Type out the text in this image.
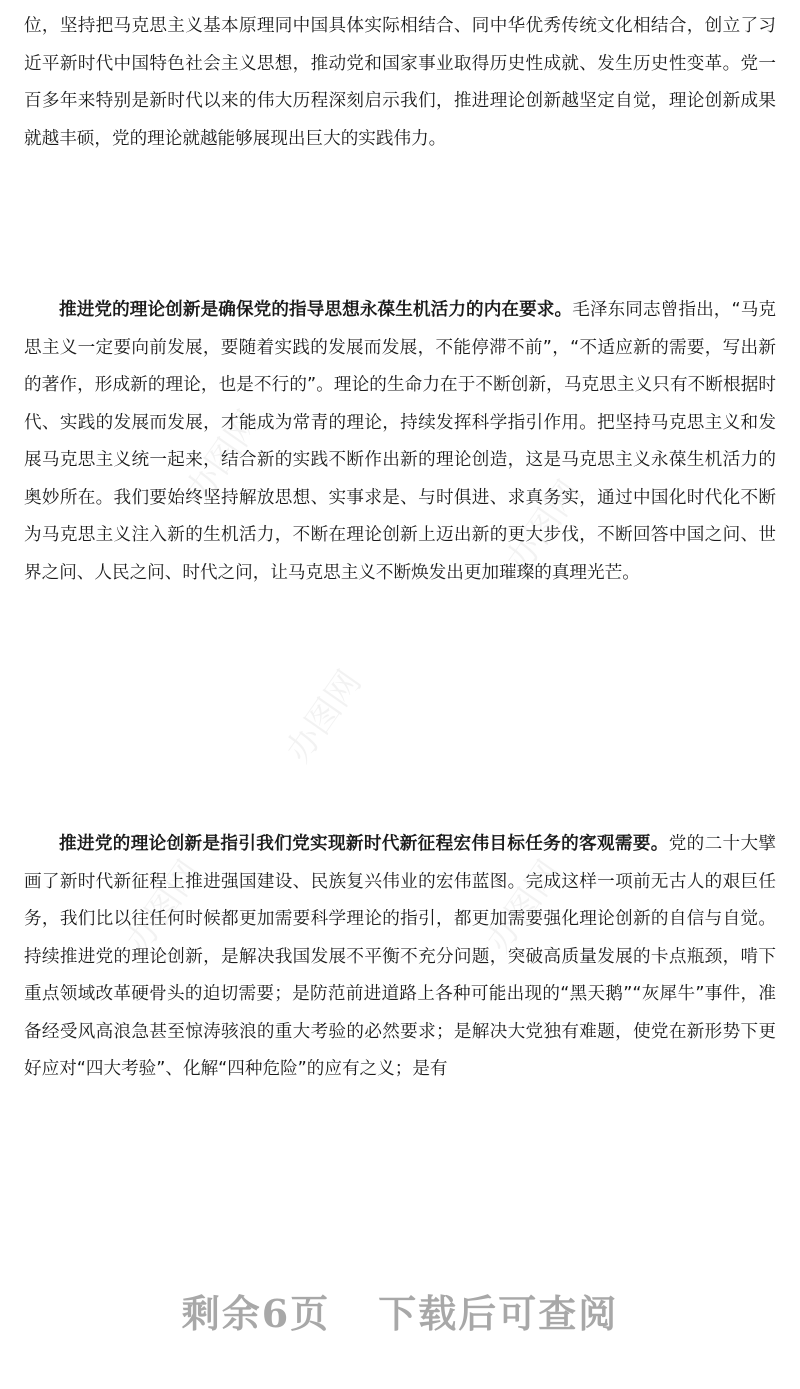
办图网
办图网
办图网
办图网	办图网

位，坚持把马克思主义基本原理同中国具体实际相结合、同中华优秀传统文化相结合，创立了习近平新时代中国特色社会主义思想，推动党和国家事业取得历史性成就、发生历史性变革。党一百多年来特别是新时代以来的伟大历程深刻启示我们，推进理论创新越坚定自觉，理论创新成果就越丰硕，党的理论就越能够展现出巨大的实践伟力。

推进党的理论创新是确保党的指导思想永葆生机活力的内在要求。毛泽东同志曾指出，“马克思主义一定要向前发展，要随着实践的发展而发展，不能停滞不前”，“不适应新的需要，写出新的著作，形成新的理论，也是不行的”。理论的生命力在于不断创新，马克思主义只有不断根据时代、实践的发展而发展，才能成为常青的理论，持续发挥科学指引作用。把坚持马克思主义和发展马克思主义统一起来，结合新的实践不断作出新的理论创造，这是马克思主义永葆生机活力的奥妙所在。我们要始终坚持解放思想、实事求是、与时俱进、求真务实，通过中国化时代化不断为马克思主义注入新的生机活力，不断在理论创新上迈出新的更大步伐，不断回答中国之问、世界之问、人民之问、时代之问，让马克思主义不断焕发出更加璀璨的真理光芒。

推进党的理论创新是指引我们党实现新时代新征程宏伟目标任务的客观需要。党的二十大擘画了新时代新征程上推进强国建设、民族复兴伟业的宏伟蓝图。完成这样一项前无古人的艰巨任务，我们比以往任何时候都更加需要科学理论的指引，都更加需要强化理论创新的自信与自觉。持续推进党的理论创新，是解决我国发展不平衡不充分问题，突破高质量发展的卡点瓶颈，啃下重点领域改革硬骨头的迫切需要；是防范前进道路上各种可能出现的“黑天鹅”“灰犀牛”事件，准备经受风高浪急甚至惊涛骇浪的重大考验的必然要求；是解决大党独有难题，使党在新形势下更好应对“四大考验”、化解“四种危险”的应有之义；是有

剩余6页 下载后可查阅
